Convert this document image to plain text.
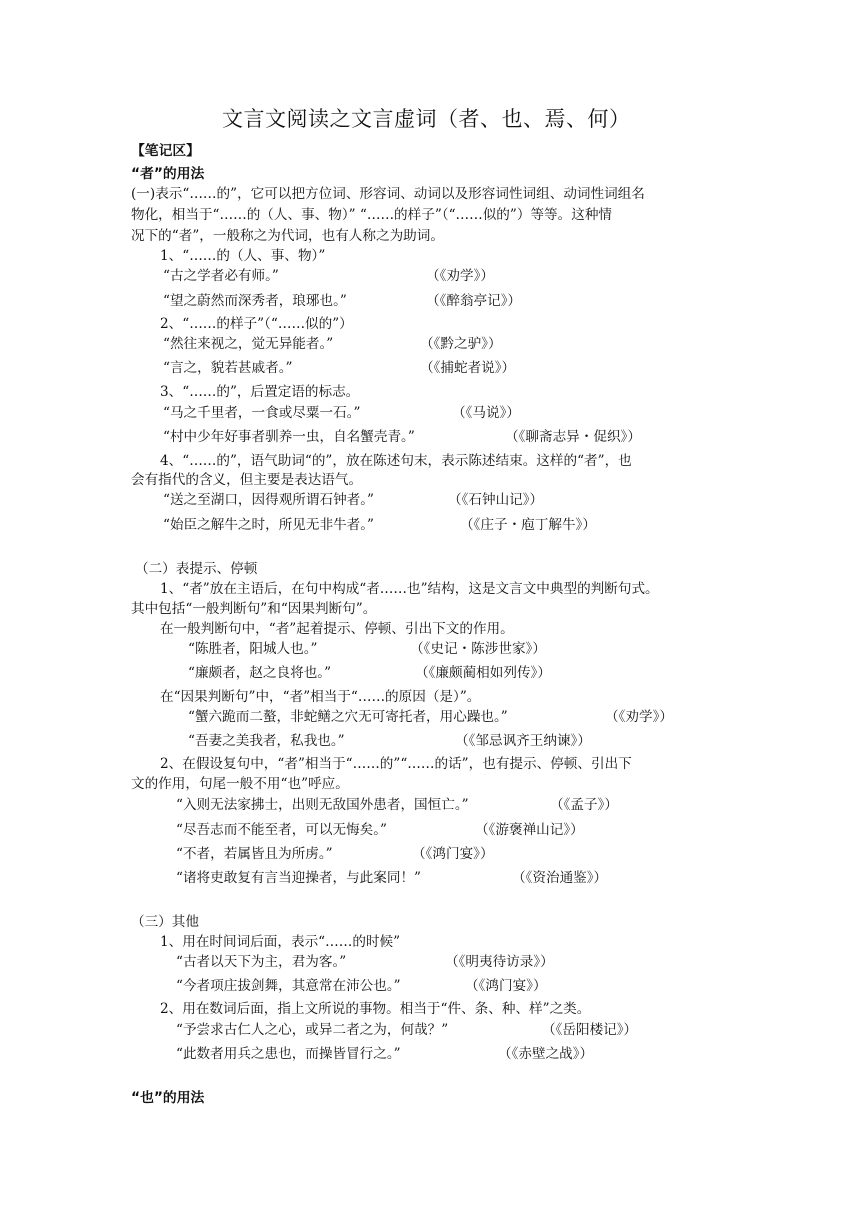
文言文阅读之文言虚词（者、也、焉、何）
【笔记区】
“者”的用法
(一)表示“……的”，它可以把方位词、形容词、动词以及形容词性词组、动词性词组名
物化，相当于“……的（人、事、物）” “……的样子”（“……似的”）等等。这种情
况下的“者”，一般称之为代词，也有人称之为助词。
1、“……的（人、事、物）”
“古之学者必有师。”	（《劝学》）
“望之蔚然而深秀者，琅琊也。”	（《醉翁亭记》）
2、“……的样子”（“……似的”）
“然往来视之，觉无异能者。”	（《黔之驴》）
“言之，貌若甚戚者。”	（《捕蛇者说》）
3、“……的”，后置定语的标志。
“马之千里者，一食或尽粟一石。”	（《马说》）
“村中少年好事者驯养一虫，自名蟹壳青。”	（《聊斋志异・促织》）
4、“……的”，语气助词“的”，放在陈述句末，表示陈述结束。这样的“者”，也
会有指代的含义，但主要是表达语气。
“送之至湖口，因得观所谓石钟者。”	（《石钟山记》）
“始臣之解牛之时，所见无非牛者。”	（《庄子・庖丁解牛》）
（二）表提示、停顿
1、“者”放在主语后，在句中构成“者……也”结构，这是文言文中典型的判断句式。
其中包括“一般判断句”和“因果判断句”。
在一般判断句中，“者”起着提示、停顿、引出下文的作用。
“陈胜者，阳城人也。”	（《史记・陈涉世家》）
“廉颇者，赵之良将也。”	（《廉颇蔺相如列传》）
在“因果判断句”中，“者”相当于“……的原因（是）”。
“蟹六跪而二螯，非蛇鳝之穴无可寄托者，用心躁也。”	（《劝学》）
“吾妻之美我者，私我也。”	（《邹忌讽齐王纳谏》）
2、在假设复句中，“者”相当于“……的”“……的话”，也有提示、停顿、引出下
文的作用，句尾一般不用“也”呼应。
“入则无法家拂士，出则无敌国外患者，国恒亡。”	（《孟子》）
“尽吾志而不能至者，可以无悔矣。”	（《游褒禅山记》）
“不者，若属皆且为所虏。”	（《鸿门宴》）
“诸将吏敢复有言当迎操者，与此案同！”	（《资治通鉴》）
（三）其他
1、用在时间词后面，表示“……的时候”
“古者以天下为主，君为客。”	（《明夷待访录》）
“今者项庄拔剑舞，其意常在沛公也。”	（《鸿门宴》）
2、用在数词后面，指上文所说的事物。相当于“件、条、种、样”之类。
“予尝求古仁人之心，或异二者之为，何哉？”	（《岳阳楼记》）
“此数者用兵之患也，而操皆冒行之。”	（《赤壁之战》）
“也”的用法
